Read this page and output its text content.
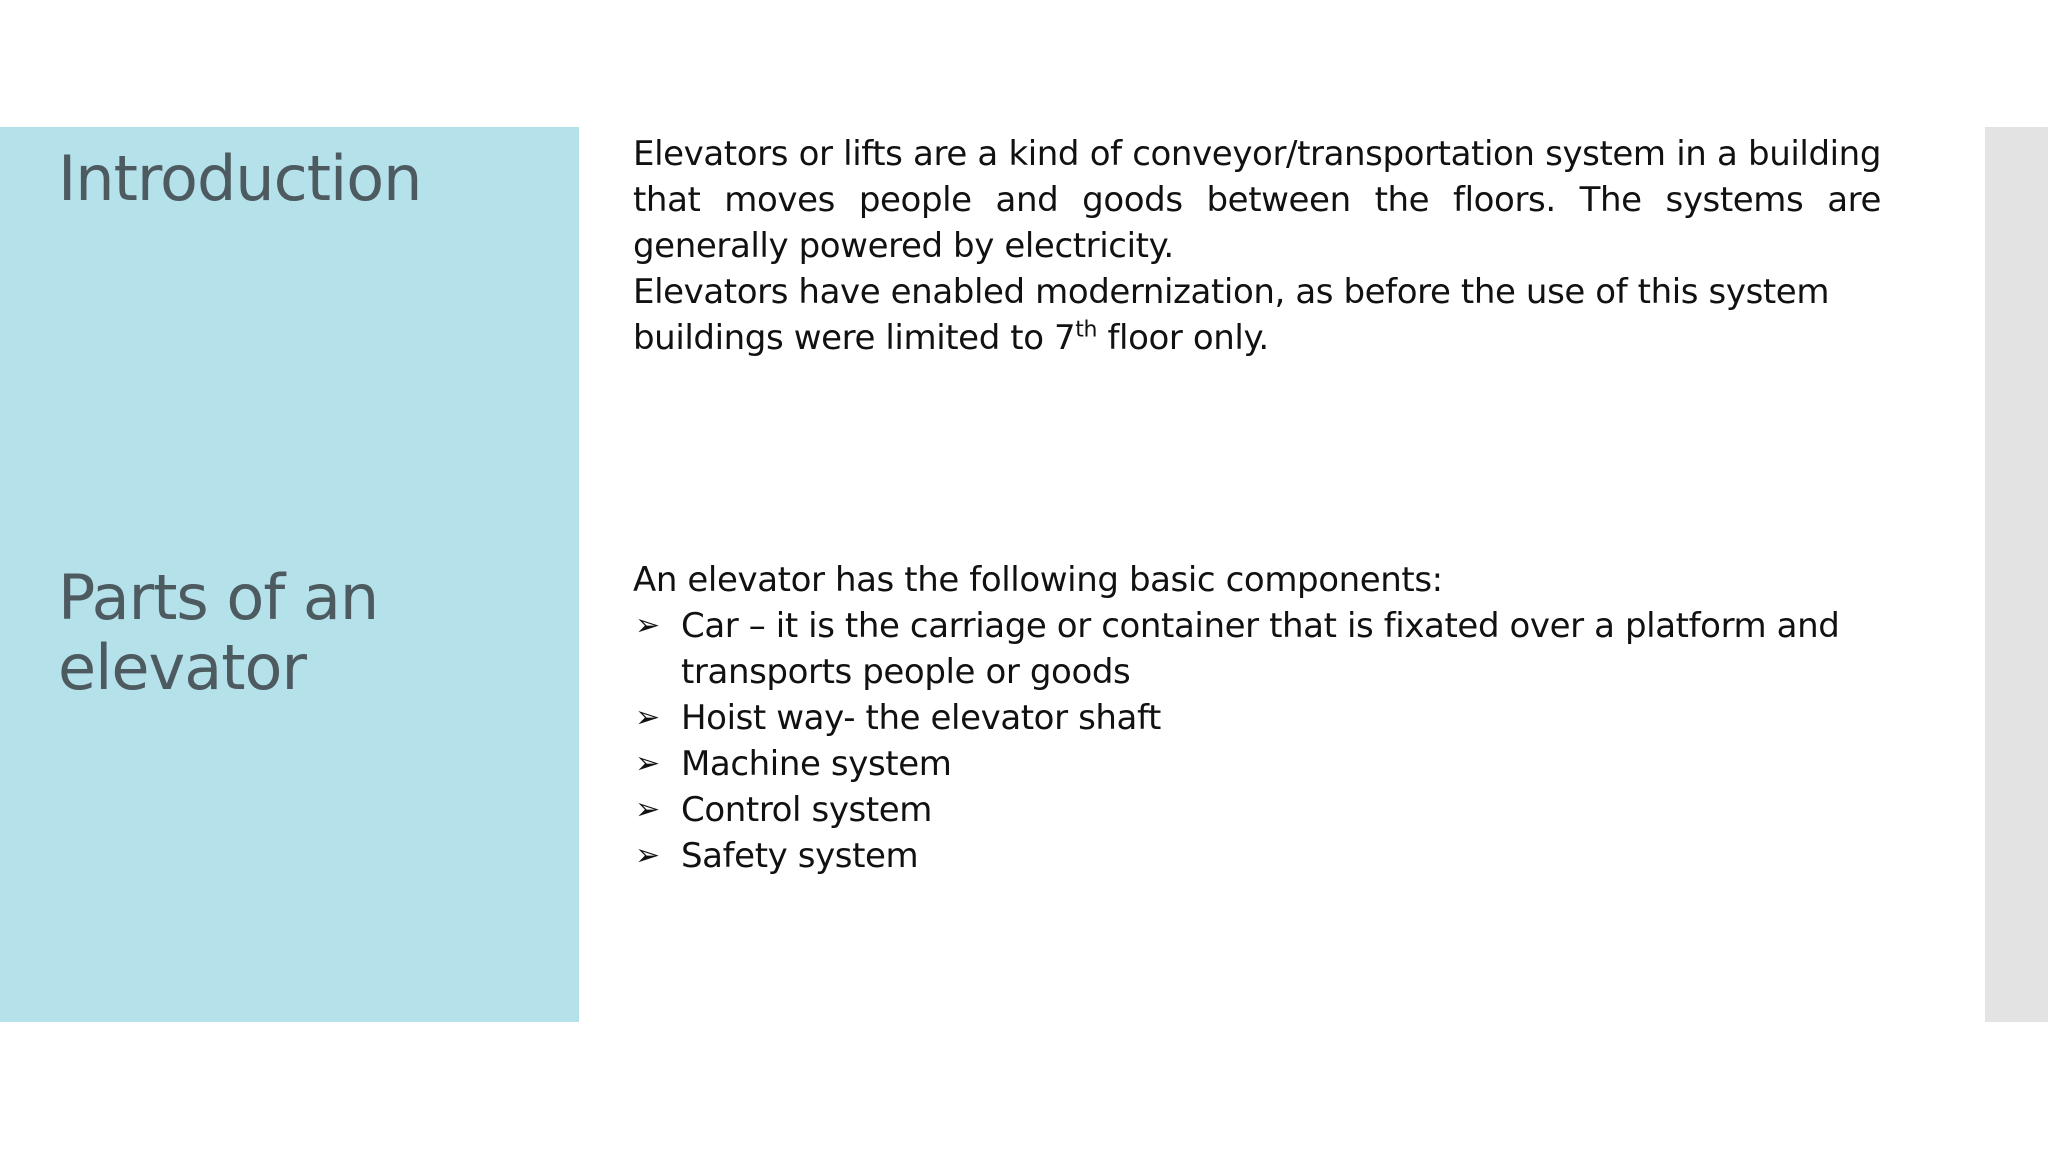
Introduction
Parts of an elevator

Elevators or lifts are a kind of conveyor/transportation system in a building that moves people and goods between the floors. The systems are generally powered by electricity.

Elevators have enabled modernization, as before the use of this system buildings were limited to 7th floor only.

An elevator has the following basic components:

➢ Car – it is the carriage or container that is fixated over a platform and transports people or goods
➢ Hoist way- the elevator shaft
➢ Machine system
➢ Control system
➢ Safety system
